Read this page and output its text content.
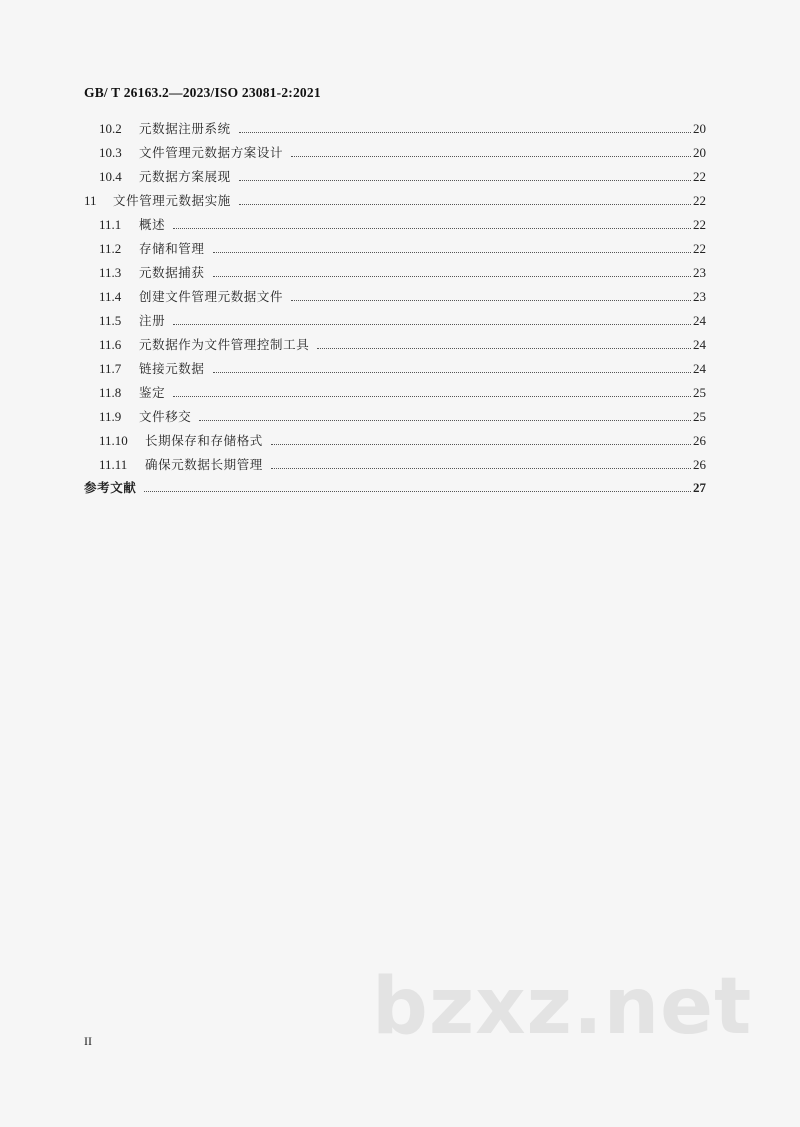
GB/ T 26163.2—2023/ISO 23081-2:2021
10.2	元数据注册系统	20
10.3	文件管理元数据方案设计	20
10.4	元数据方案展现	22
11	文件管理元数据实施	22
11.1	概述	22
11.2	存储和管理	22
11.3	元数据捕获	23
11.4	创建文件管理元数据文件	23
11.5	注册	24
11.6	元数据作为文件管理控制工具	24
11.7	链接元数据	24
11.8	鉴定	25
11.9	文件移交	25
11.10	长期保存和存储格式	26
11.11	确保元数据长期管理	26
参考文献	27
II	bzxz.net
